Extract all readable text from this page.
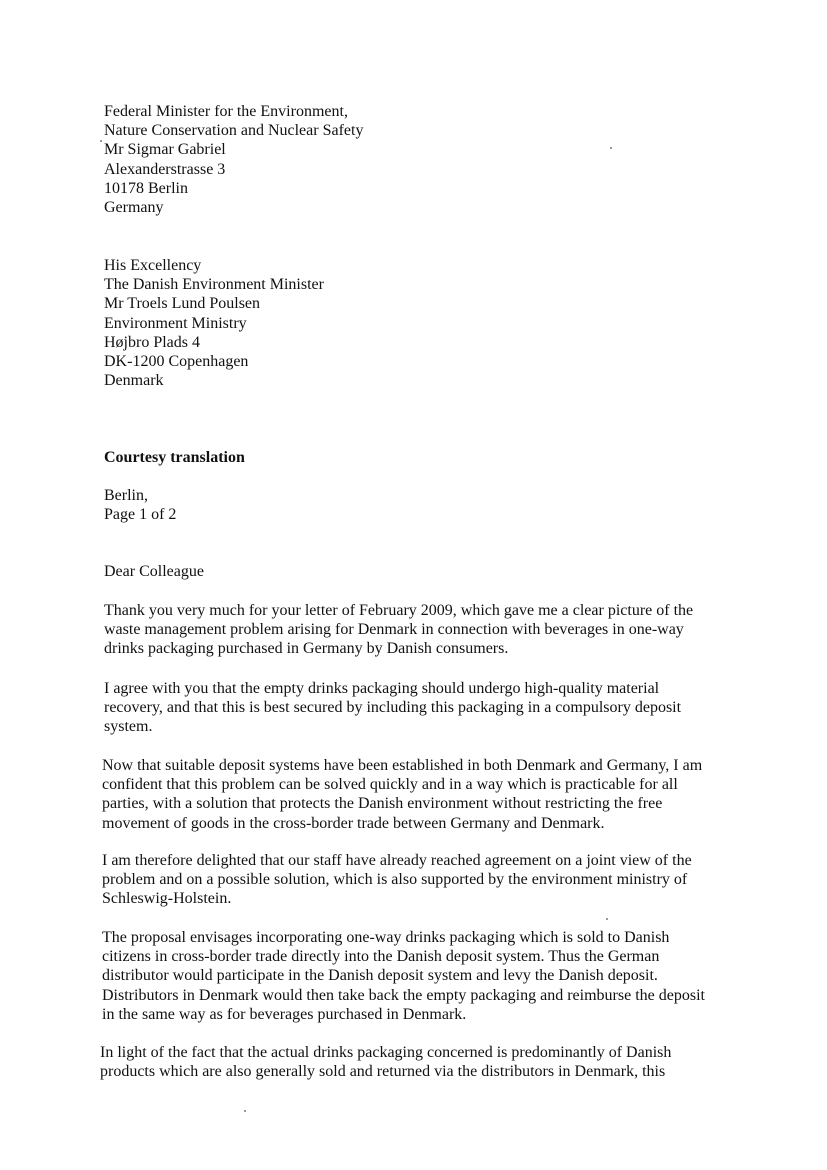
Federal Minister for the Environment,
Nature Conservation and Nuclear Safety
Mr Sigmar Gabriel
Alexanderstrasse 3
10178 Berlin
Germany
His Excellency
The Danish Environment Minister
Mr Troels Lund Poulsen
Environment Ministry
Højbro Plads 4
DK-1200 Copenhagen
Denmark
Courtesy translation
Berlin,
Page 1 of 2
Dear Colleague
Thank you very much for your letter of February 2009, which gave me a clear picture of the
waste management problem arising for Denmark in connection with beverages in one-way
drinks packaging purchased in Germany by Danish consumers.
I agree with you that the empty drinks packaging should undergo high-quality material
recovery, and that this is best secured by including this packaging in a compulsory deposit
system.
Now that suitable deposit systems have been established in both Denmark and Germany, I am
confident that this problem can be solved quickly and in a way which is practicable for all
parties, with a solution that protects the Danish environment without restricting the free
movement of goods in the cross-border trade between Germany and Denmark.
I am therefore delighted that our staff have already reached agreement on a joint view of the
problem and on a possible solution, which is also supported by the environment ministry of
Schleswig-Holstein.
The proposal envisages incorporating one-way drinks packaging which is sold to Danish
citizens in cross-border trade directly into the Danish deposit system. Thus the German
distributor would participate in the Danish deposit system and levy the Danish deposit.
Distributors in Denmark would then take back the empty packaging and reimburse the deposit
in the same way as for beverages purchased in Denmark.
In light of the fact that the actual drinks packaging concerned is predominantly of Danish
products which are also generally sold and returned via the distributors in Denmark, this
